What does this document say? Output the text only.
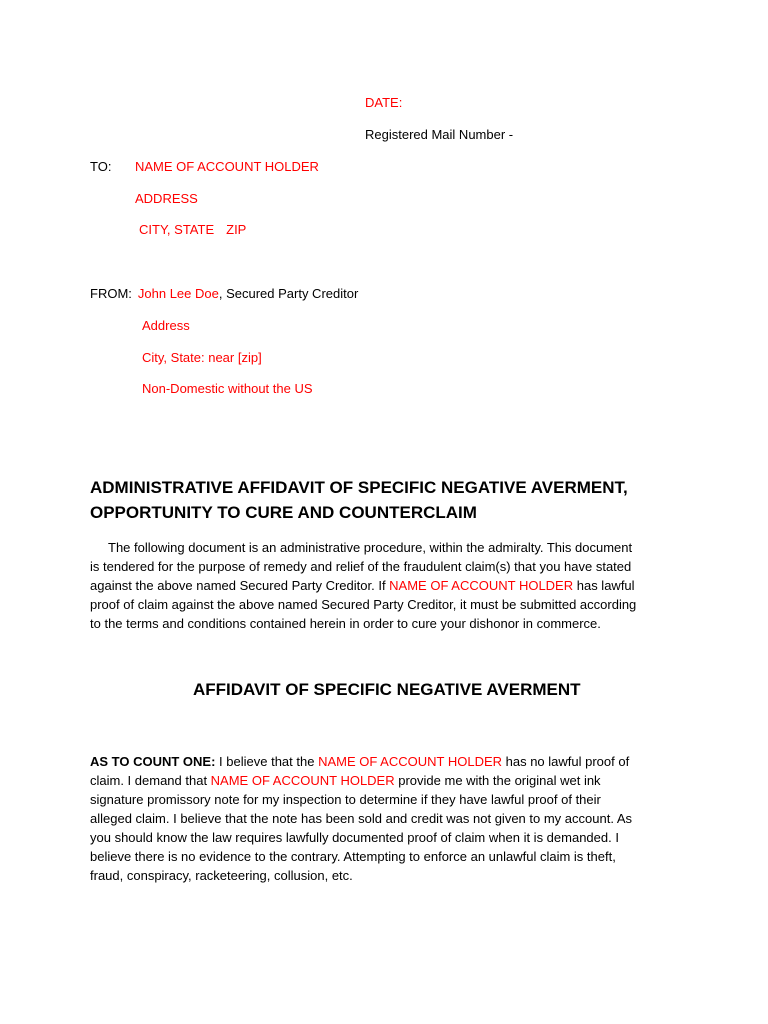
DATE:
Registered Mail Number -
TO: NAME OF ACCOUNT HOLDER
ADDRESS
CITY, STATE ZIP
FROM: John Lee Doe, Secured Party Creditor
Address
City, State: near [zip]
Non-Domestic without the US
ADMINISTRATIVE AFFIDAVIT OF SPECIFIC NEGATIVE AVERMENT,
OPPORTUNITY TO CURE AND COUNTERCLAIM
The following document is an administrative procedure, within the admiralty. This document
is tendered for the purpose of remedy and relief of the fraudulent claim(s) that you have stated
against the above named Secured Party Creditor. If NAME OF ACCOUNT HOLDER has lawful
proof of claim against the above named Secured Party Creditor, it must be submitted according
to the terms and conditions contained herein in order to cure your dishonor in commerce.
AFFIDAVIT OF SPECIFIC NEGATIVE AVERMENT
AS TO COUNT ONE: I believe that the NAME OF ACCOUNT HOLDER has no lawful proof of
claim. I demand that NAME OF ACCOUNT HOLDER provide me with the original wet ink
signature promissory note for my inspection to determine if they have lawful proof of their
alleged claim. I believe that the note has been sold and credit was not given to my account. As
you should know the law requires lawfully documented proof of claim when it is demanded. I
believe there is no evidence to the contrary. Attempting to enforce an unlawful claim is theft,
fraud, conspiracy, racketeering, collusion, etc.
